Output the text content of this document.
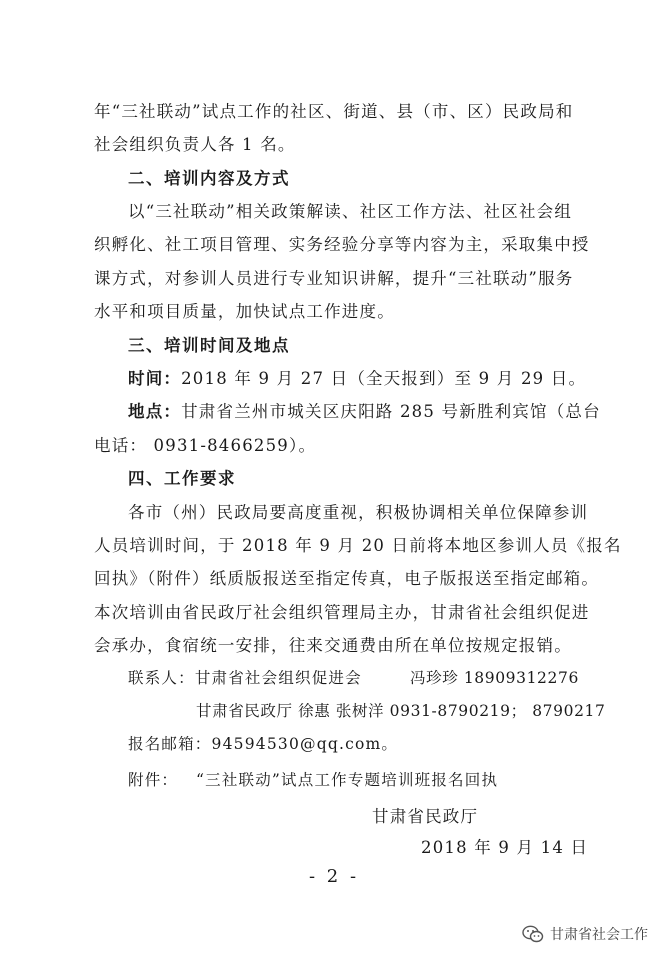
年“三社联动”试点工作的社区、街道、县（市、区）民政局和
社会组织负责人各 1 名。
二、培训内容及方式
以“三社联动”相关政策解读、社区工作方法、社区社会组
织孵化、社工项目管理、实务经验分享等内容为主，采取集中授
课方式，对参训人员进行专业知识讲解，提升“三社联动”服务
水平和项目质量，加快试点工作进度。
三、培训时间及地点
时间：2018 年 9 月 27 日（全天报到）至 9 月 29 日。
地点：甘肃省兰州市城关区庆阳路 285 号新胜利宾馆（总台
电话： 0931-8466259）。
四、工作要求
各市（州）民政局要高度重视，积极协调相关单位保障参训
人员培训时间，于 2018 年 9 月 20 日前将本地区参训人员《报名
回执》（附件）纸质版报送至指定传真，电子版报送至指定邮箱。
本次培训由省民政厅社会组织管理局主办，甘肃省社会组织促进
会承办，食宿统一安排，往来交通费由所在单位按规定报销。
联系人：甘肃省社会组织促进会	冯珍珍 18909312276
甘肃省民政厅 徐惠 张树洋 0931-8790219； 8790217
报名邮箱：94594530@qq.com。
附件： “三社联动”试点工作专题培训班报名回执
甘肃省民政厅
2018 年 9 月 14 日
- 2 -
甘肃省社会工作
